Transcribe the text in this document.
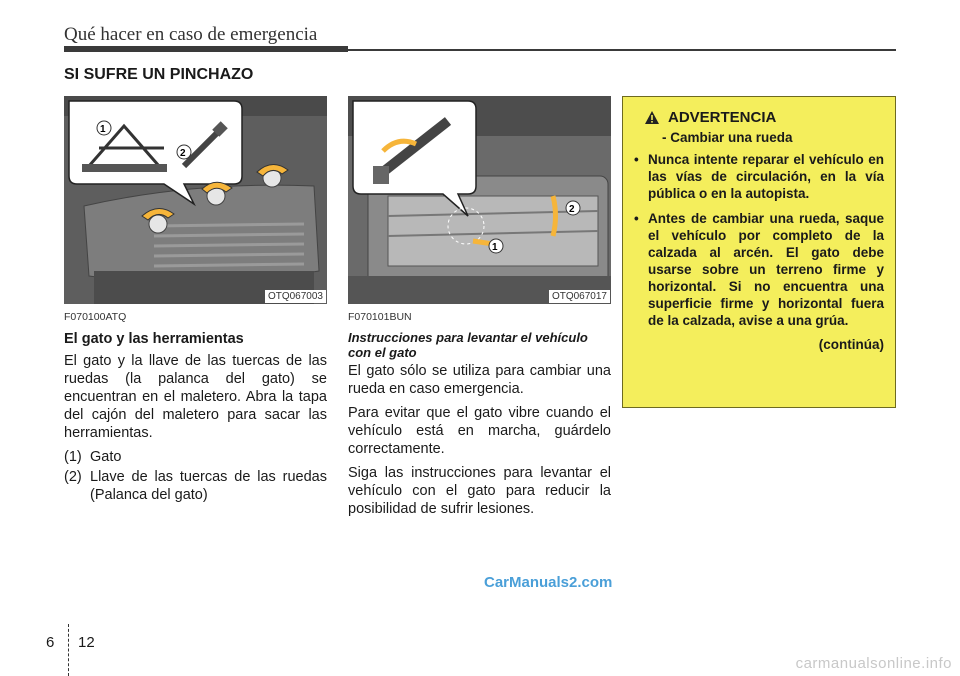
Qué hacer en caso de emergencia
SI SUFRE UN PINCHAZO
1
2
OTQ067003
1
2
OTQ067017
F070100ATQ
El gato y las herramientas

El gato y la llave de las tuercas de las ruedas (la palanca del gato) se encuentran en el maletero. Abra la tapa del cajón del maletero para sacar las herramientas.

(1) Gato
(2) Llave de las tuercas de las ruedas (Palanca del gato)
F070101BUN
Instrucciones para levantar el vehículo con el gato

El gato sólo se utiliza para cambiar una rueda en caso emergencia.

Para evitar que el gato vibre cuando el vehículo está en marcha, guárdelo correctamente.

Siga las instrucciones para levantar el vehículo con el gato para reducir la posibilidad de sufrir lesiones.

ADVERTENCIA
- Cambiar una rueda
• Nunca intente reparar el vehículo en las vías de circulación, en la vía pública o en la autopista.
• Antes de cambiar una rueda, saque el vehículo por completo de la calzada al arcén. El gato debe usarse sobre un terreno firme y horizontal. Si no encuentra una superficie firme y horizontal fuera de la calzada, avise a una grúa.
(continúa)
CarManuals2.com
6 12
carmanualsonline.info
